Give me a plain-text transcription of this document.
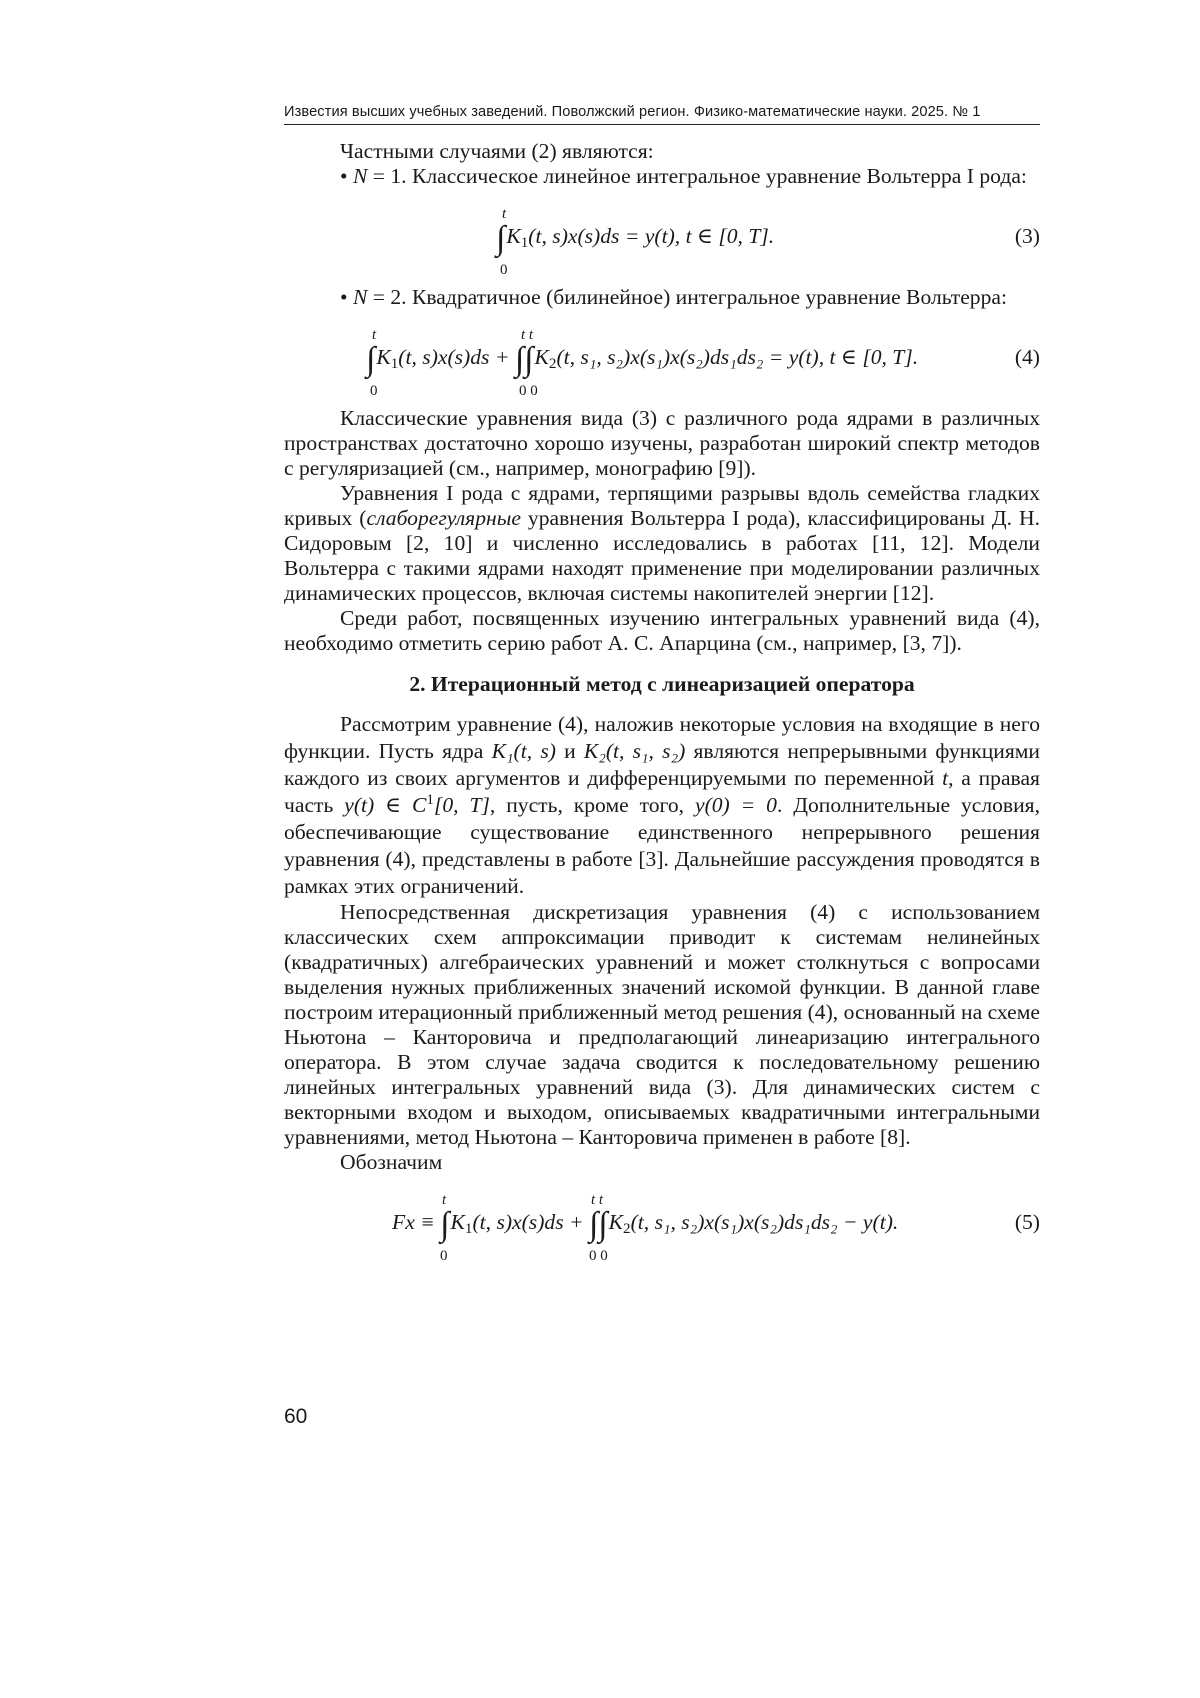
Известия высших учебных заведений. Поволжский регион. Физико-математические науки. 2025. № 1

Частными случаями (2) являются:

• N = 1. Классическое линейное интегральное уравнение Вольтерра I рода:

t
0
$\int K_1(t$, s)x(s)ds = y(t), t ∈ [0, T].	(3)

• N = 2. Квадратичное (билинейное) интегральное уравнение Вольтерра:

t
0
t t
0 0
$\int K_1(t$, $s)x(s)ds + \int\int K_2(t$, s₁, s₂)x(s₁)x(s₂)ds₁ds₂ = y(t), t ∈ [0, T].	(4)

Классические уравнения вида (3) с различного рода ядрами в различных пространствах достаточно хорошо изучены, разработан широкий спектр методов с регуляризацией (см., например, монографию [9]).

Уравнения I рода с ядрами, терпящими разрывы вдоль семейства гладких кривых (слаборегулярные уравнения Вольтерра I рода), классифицированы Д. Н. Сидоровым [2, 10] и численно исследовались в работах [11, 12]. Модели Вольтерра с такими ядрами находят применение при моделировании различных динамических процессов, включая системы накопителей энергии [12].

Среди работ, посвященных изучению интегральных уравнений вида (4), необходимо отметить серию работ А. С. Апарцина (см., например, [3, 7]).

2. Итерационный метод с линеаризацией оператора

Рассмотрим уравнение (4), наложив некоторые условия на входящие в него функции. Пусть ядра K₁(t, s) и K₂(t, s₁, s₂) являются непрерывными функциями каждого из своих аргументов и дифференцируемыми по переменной t, а правая часть y(t) ∈ $C^1[0$, T], пусть, кроме того, y(0) = 0. Дополнительные условия, обеспечивающие существование единственного непрерывного решения уравнения (4), представлены в работе [3]. Дальнейшие рассуждения проводятся в рамках этих ограничений.

Непосредственная дискретизация уравнения (4) с использованием классических схем аппроксимации приводит к системам нелинейных (квадратичных) алгебраических уравнений и может столкнуться с вопросами выделения нужных приближенных значений искомой функции. В данной главе построим итерационный приближенный метод решения (4), основанный на схеме Ньютона – Канторовича и предполагающий линеаризацию интегрального оператора. В этом случае задача сводится к последовательному решению линейных интегральных уравнений вида (3). Для динамических систем с векторными входом и выходом, описываемых квадратичными интегральными уравнениями, метод Ньютона – Канторовича применен в работе [8].

Обозначим

t
0
t t
0 0
$Fx \equiv \int K_1(t$, $s)x(s)ds + \int\int K_2(t$, s₁, s₂)x(s₁)x(s₂)ds₁ds₂ − y(t).	(5)
60
